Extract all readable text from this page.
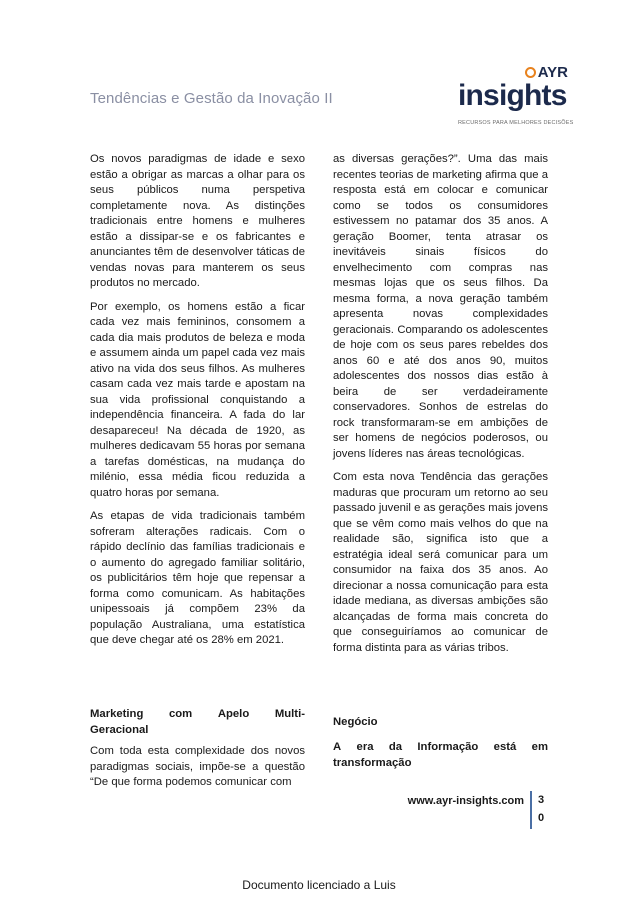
Tendências e Gestão da Inovação II
AYR
insights
RECURSOS PARA MELHORES DECISÕES

Os novos paradigmas de idade e sexo estão a obrigar as marcas a olhar para os seus públicos numa perspetiva completamente nova. As distinções tradicionais entre homens e mulheres estão a dissipar-se e os fabricantes e anunciantes têm de desenvolver táticas de vendas novas para manterem os seus produtos no mercado.

Por exemplo, os homens estão a ficar cada vez mais femininos, consomem a cada dia mais produtos de beleza e moda e assumem ainda um papel cada vez mais ativo na vida dos seus filhos. As mulheres casam cada vez mais tarde e apostam na sua vida profissional conquistando a independência financeira. A fada do lar desapareceu! Na década de 1920, as mulheres dedicavam 55 horas por semana a tarefas domésticas, na mudança do milénio, essa média ficou reduzida a quatro horas por semana.

As etapas de vida tradicionais também sofreram alterações radicais. Com o rápido declínio das famílias tradicionais e o aumento do agregado familiar solitário, os publicitários têm hoje que repensar a forma como comunicam. As habitações unipessoais já compõem 23% da população Australiana, uma estatística que deve chegar até os 28% em 2021.

Marketing com Apelo Multi-
Geracional
Com toda esta complexidade dos novos paradigmas sociais, impõe-se a questão “De que forma podemos comunicar com

as diversas gerações?”. Uma das mais recentes teorias de marketing afirma que a resposta está em colocar e comunicar como se todos os consumidores estivessem no patamar dos 35 anos. A geração Boomer, tenta atrasar os inevitáveis sinais físicos do envelhecimento com compras nas mesmas lojas que os seus filhos. Da mesma forma, a nova geração também apresenta novas complexidades geracionais. Comparando os adolescentes de hoje com os seus pares rebeldes dos anos 60 e até dos anos 90, muitos adolescentes dos nossos dias estão à beira de ser verdadeiramente conservadores. Sonhos de estrelas do rock transformaram-se em ambições de ser homens de negócios poderosos, ou jovens líderes nas áreas tecnológicas.

Com esta nova Tendência das gerações maduras que procuram um retorno ao seu passado juvenil e as gerações mais jovens que se vêm como mais velhos do que na realidade são, significa isto que a estratégia ideal será comunicar para um consumidor na faixa dos 35 anos. Ao direcionar a nossa comunicação para esta idade mediana, as diversas ambições são alcançadas de forma mais concreta do que conseguiríamos ao comunicar de forma distinta para as várias tribos.

Negócio
A era da Informação está em
transformação
www.ayr-insights.com 3
0
Documento licenciado a Luis
